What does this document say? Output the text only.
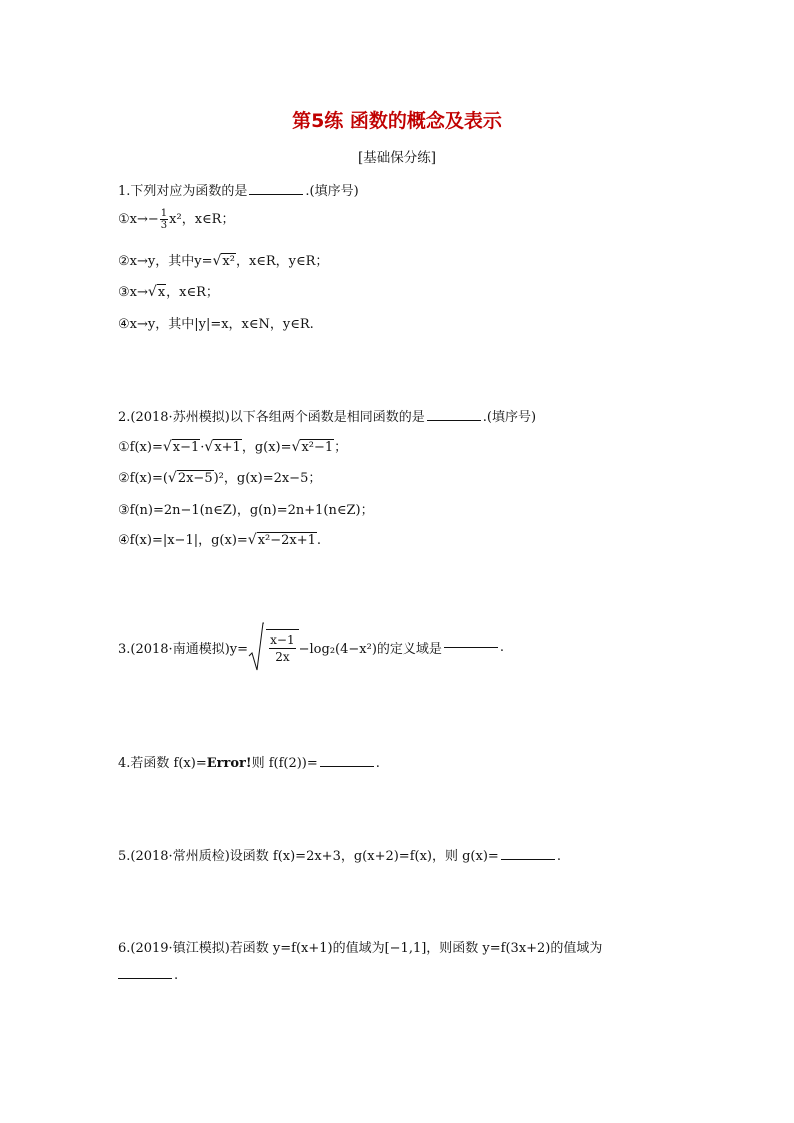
第5练 函数的概念及表示
[基础保分练]
1.下列对应为函数的是	.(填序号)
①x→− $\frac{1}{3} x^2$，x∈R；
②x→y，其中y=√x²，x∈R，y∈R；
③x→√x，x∈R；
④x→y，其中|y|=x，x∈N，y∈R.
2.(2018·苏州模拟)以下各组两个函数是相同函数的是	.(填序号)
①f(x)=√x−1·√x+1，g(x)=√x²−1；
②f(x)=(√2x−5)²，g(x)=2x−5；
③f(n)=2n−1(n∈Z)，g(n)=2n+1(n∈Z)；
④f(x)=|x−1|，g(x)=√x²−2x+1.
3.(2018·南通模拟)y=
$\frac{x-1}{2x} -\log_2(4-x^2)$的定义域是	.
4.若函数 f(x)=Error!则 f(f(2))=	.
5.(2018·常州质检)设函数 f(x)=2x+3，g(x+2)=f(x)，则 g(x)=	.
6.(2019·镇江模拟)若函数 y=f(x+1)的值域为[−1,1]，则函数 y=f(3x+2)的值域为
.
